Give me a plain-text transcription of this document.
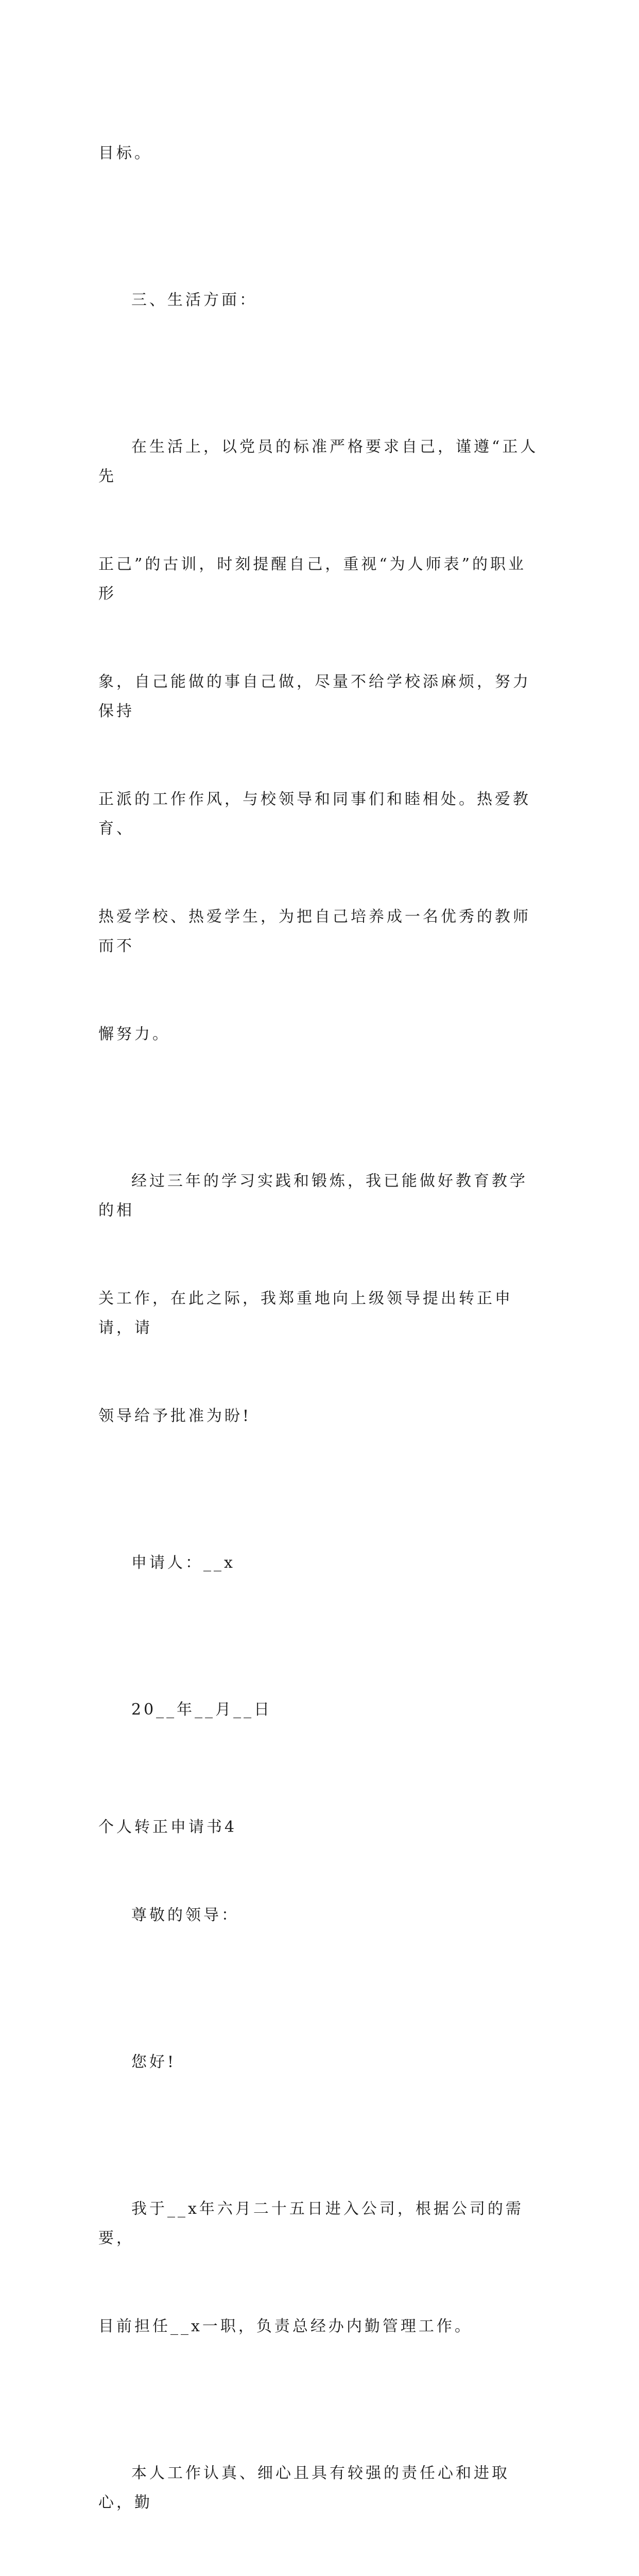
目标。

三、生活方面：

在生活上，以党员的标准严格要求自己，谨遵“正人先

正己”的古训，时刻提醒自己，重视“为人师表”的职业形

象，自己能做的事自己做，尽量不给学校添麻烦，努力保持

正派的工作作风，与校领导和同事们和睦相处。热爱教育、

热爱学校、热爱学生，为把自己培养成一名优秀的教师而不

懈努力。

经过三年的学习实践和锻炼，我已能做好教育教学的相

关工作，在此之际，我郑重地向上级领导提出转正申请，请

领导给予批准为盼!

申请人：__x

20__年__月__日

个人转正申请书4

尊敬的领导：

您好!

我于__x年六月二十五日进入公司，根据公司的需要，

目前担任__x一职，负责总经办内勤管理工作。

本人工作认真、细心且具有较强的责任心和进取心，勤
